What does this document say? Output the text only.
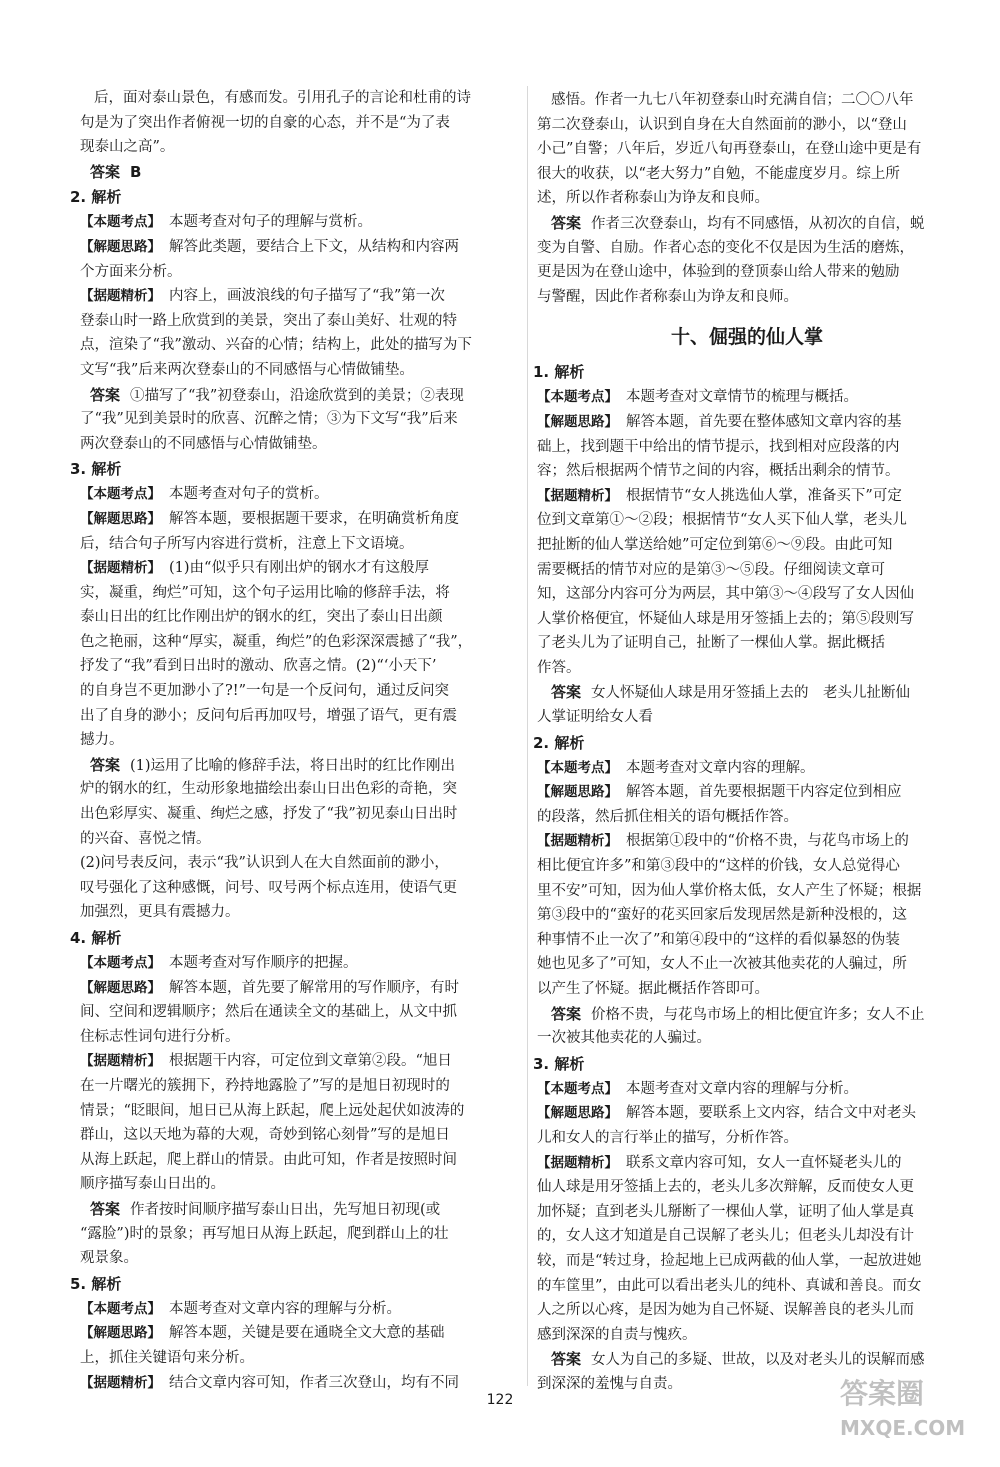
后，面对泰山景色，有感而发。引用孔子的言论和杜甫的诗
句是为了突出作者俯视一切的自豪的心态，并不是“为了表
现泰山之高”。
答案 B
2. 解析
【本题考点】 本题考查对句子的理解与赏析。
【解题思路】 解答此类题，要结合上下文，从结构和内容两
个方面来分析。
【据题精析】 内容上，画波浪线的句子描写了“我”第一次
登泰山时一路上欣赏到的美景，突出了泰山美好、壮观的特
点，渲染了“我”激动、兴奋的心情；结构上，此处的描写为下
文写“我”后来两次登泰山的不同感悟与心情做铺垫。
答案 ①描写了“我”初登泰山，沿途欣赏到的美景；②表现
了“我”见到美景时的欣喜、沉醉之情；③为下文写“我”后来
两次登泰山的不同感悟与心情做铺垫。
3. 解析
【本题考点】 本题考查对句子的赏析。
【解题思路】 解答本题，要根据题干要求，在明确赏析角度
后，结合句子所写内容进行赏析，注意上下文语境。
【据题精析】 (1)由“似乎只有刚出炉的钢水才有这般厚
实，凝重，绚烂”可知，这个句子运用比喻的修辞手法，将
泰山日出的红比作刚出炉的钢水的红，突出了泰山日出颜
色之艳丽，这种“厚实，凝重，绚烂”的色彩深深震撼了“我”，
抒发了“我”看到日出时的激动、欣喜之情。(2)“‘小天下’
的自身岂不更加渺小了?!”一句是一个反问句，通过反问突
出了自身的渺小；反问句后再加叹号，增强了语气，更有震
撼力。
答案 (1)运用了比喻的修辞手法，将日出时的红比作刚出
炉的钢水的红，生动形象地描绘出泰山日出色彩的奇艳，突
出色彩厚实、凝重、绚烂之感，抒发了“我”初见泰山日出时
的兴奋、喜悦之情。
(2)问号表反问，表示“我”认识到人在大自然面前的渺小，
叹号强化了这种感慨，问号、叹号两个标点连用，使语气更
加强烈，更具有震撼力。
4. 解析
【本题考点】 本题考查对写作顺序的把握。
【解题思路】 解答本题，首先要了解常用的写作顺序，有时
间、空间和逻辑顺序；然后在通读全文的基础上，从文中抓
住标志性词句进行分析。
【据题精析】 根据题干内容，可定位到文章第②段。“旭日
在一片曙光的簇拥下，矜持地露脸了”写的是旭日初现时的
情景；“眨眼间，旭日已从海上跃起，爬上远处起伏如波涛的
群山，这以天地为幕的大观，奇妙到铭心刻骨”写的是旭日
从海上跃起，爬上群山的情景。由此可知，作者是按照时间
顺序描写泰山日出的。
答案 作者按时间顺序描写泰山日出，先写旭日初现(或
“露脸”)时的景象；再写旭日从海上跃起，爬到群山上的壮
观景象。
5. 解析
【本题考点】 本题考查对文章内容的理解与分析。
【解题思路】 解答本题，关键是要在通晓全文大意的基础
上，抓住关键语句来分析。
【据题精析】 结合文章内容可知，作者三次登山，均有不同
感悟。作者一九七八年初登泰山时充满自信；二〇〇八年
第二次登泰山，认识到自身在大自然面前的渺小，以“登山
小己”自警；八年后，岁近八旬再登泰山，在登山途中更是有
很大的收获，以“老大努力”自勉，不能虚度岁月。综上所
述，所以作者称泰山为诤友和良师。
答案 作者三次登泰山，均有不同感悟，从初次的自信，蜕
变为自警、自励。作者心态的变化不仅是因为生活的磨炼，
更是因为在登山途中，体验到的登顶泰山给人带来的勉励
与警醒，因此作者称泰山为诤友和良师。
十、倔强的仙人掌
1. 解析
【本题考点】 本题考查对文章情节的梳理与概括。
【解题思路】 解答本题，首先要在整体感知文章内容的基
础上，找到题干中给出的情节提示，找到相对应段落的内
容；然后根据两个情节之间的内容，概括出剩余的情节。
【据题精析】 根据情节“女人挑选仙人掌，准备买下”可定
位到文章第①～②段；根据情节“女人买下仙人掌，老头儿
把扯断的仙人掌送给她”可定位到第⑥～⑨段。由此可知
需要概括的情节对应的是第③～⑤段。仔细阅读文章可
知，这部分内容可分为两层，其中第③～④段写了女人因仙
人掌价格便宜，怀疑仙人球是用牙签插上去的；第⑤段则写
了老头儿为了证明自己，扯断了一棵仙人掌。据此概括
作答。
答案 女人怀疑仙人球是用牙签插上去的　老头儿扯断仙
人掌证明给女人看
2. 解析
【本题考点】 本题考查对文章内容的理解。
【解题思路】 解答本题，首先要根据题干内容定位到相应
的段落，然后抓住相关的语句概括作答。
【据题精析】 根据第①段中的“价格不贵，与花鸟市场上的
相比便宜许多”和第③段中的“这样的价钱，女人总觉得心
里不安”可知，因为仙人掌价格太低，女人产生了怀疑；根据
第③段中的“蛮好的花买回家后发现居然是新种没根的，这
种事情不止一次了”和第④段中的“这样的看似暴怒的伪装
她也见多了”可知，女人不止一次被其他卖花的人骗过，所
以产生了怀疑。据此概括作答即可。
答案 价格不贵，与花鸟市场上的相比便宜许多；女人不止
一次被其他卖花的人骗过。
3. 解析
【本题考点】 本题考查对文章内容的理解与分析。
【解题思路】 解答本题，要联系上文内容，结合文中对老头
儿和女人的言行举止的描写，分析作答。
【据题精析】 联系文章内容可知，女人一直怀疑老头儿的
仙人球是用牙签插上去的，老头儿多次辩解，反而使女人更
加怀疑；直到老头儿掰断了一棵仙人掌，证明了仙人掌是真
的，女人这才知道是自己误解了老头儿；但老头儿却没有计
较，而是“转过身，捡起地上已成两截的仙人掌，一起放进她
的车筐里”，由此可以看出老头儿的纯朴、真诚和善良。而女
人之所以心疼，是因为她为自己怀疑、误解善良的老头儿而
感到深深的自责与愧疚。
答案 女人为自己的多疑、世故，以及对老头儿的误解而感
到深深的羞愧与自责。
122	答案圈
MXQE.COM
